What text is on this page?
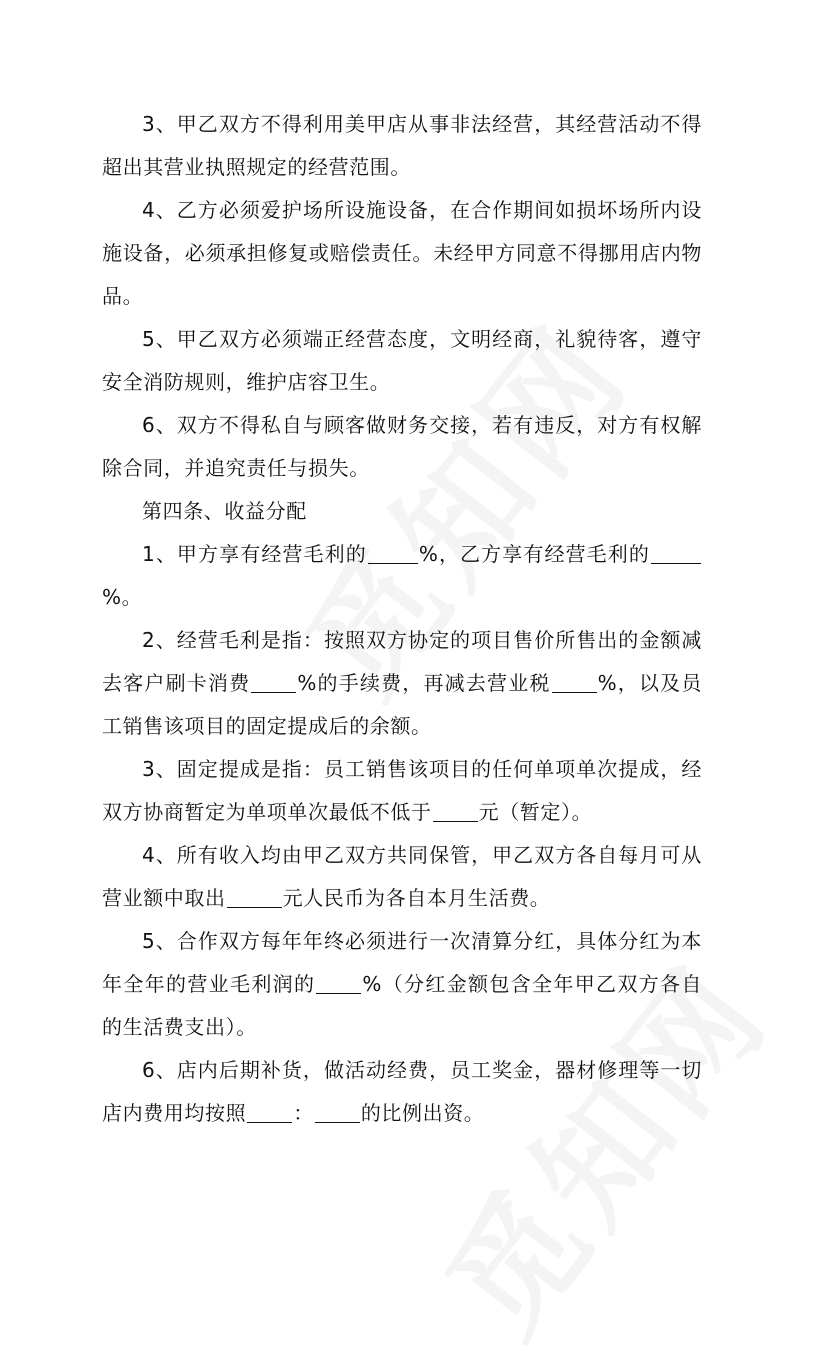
3、甲乙双方不得利用美甲店从事非法经营，其经营活动不得超出其营业执照规定的经营范围。

4、乙方必须爱护场所设施设备，在合作期间如损坏场所内设施设备，必须承担修复或赔偿责任。未经甲方同意不得挪用店内物品。

5、甲乙双方必须端正经营态度，文明经商，礼貌待客，遵守安全消防规则，维护店容卫生。

6、双方不得私自与顾客做财务交接，若有违反，对方有权解除合同，并追究责任与损失。

第四条、收益分配

1、甲方享有经营毛利的	%，乙方享有经营毛利的%。

2、经营毛利是指：按照双方协定的项目售价所售出的金额减去客户刷卡消费 %的手续费，再减去营业税 %，以及员工销售该项目的固定提成后的余额。

3、固定提成是指：员工销售该项目的任何单项单次提成，经双方协商暂定为单项单次最低不低于 元（暂定）。

4、所有收入均由甲乙双方共同保管，甲乙双方各自每月可从营业额中取出	元人民币为各自本月生活费。

5、合作双方每年年终必须进行一次清算分红，具体分红为本年全年的营业毛利润的 %（分红金额包含全年甲乙双方各自的生活费支出）。

6、店内后期补货，做活动经费，员工奖金，器材修理等一切店内费用均按照 ： 的比例出资。
